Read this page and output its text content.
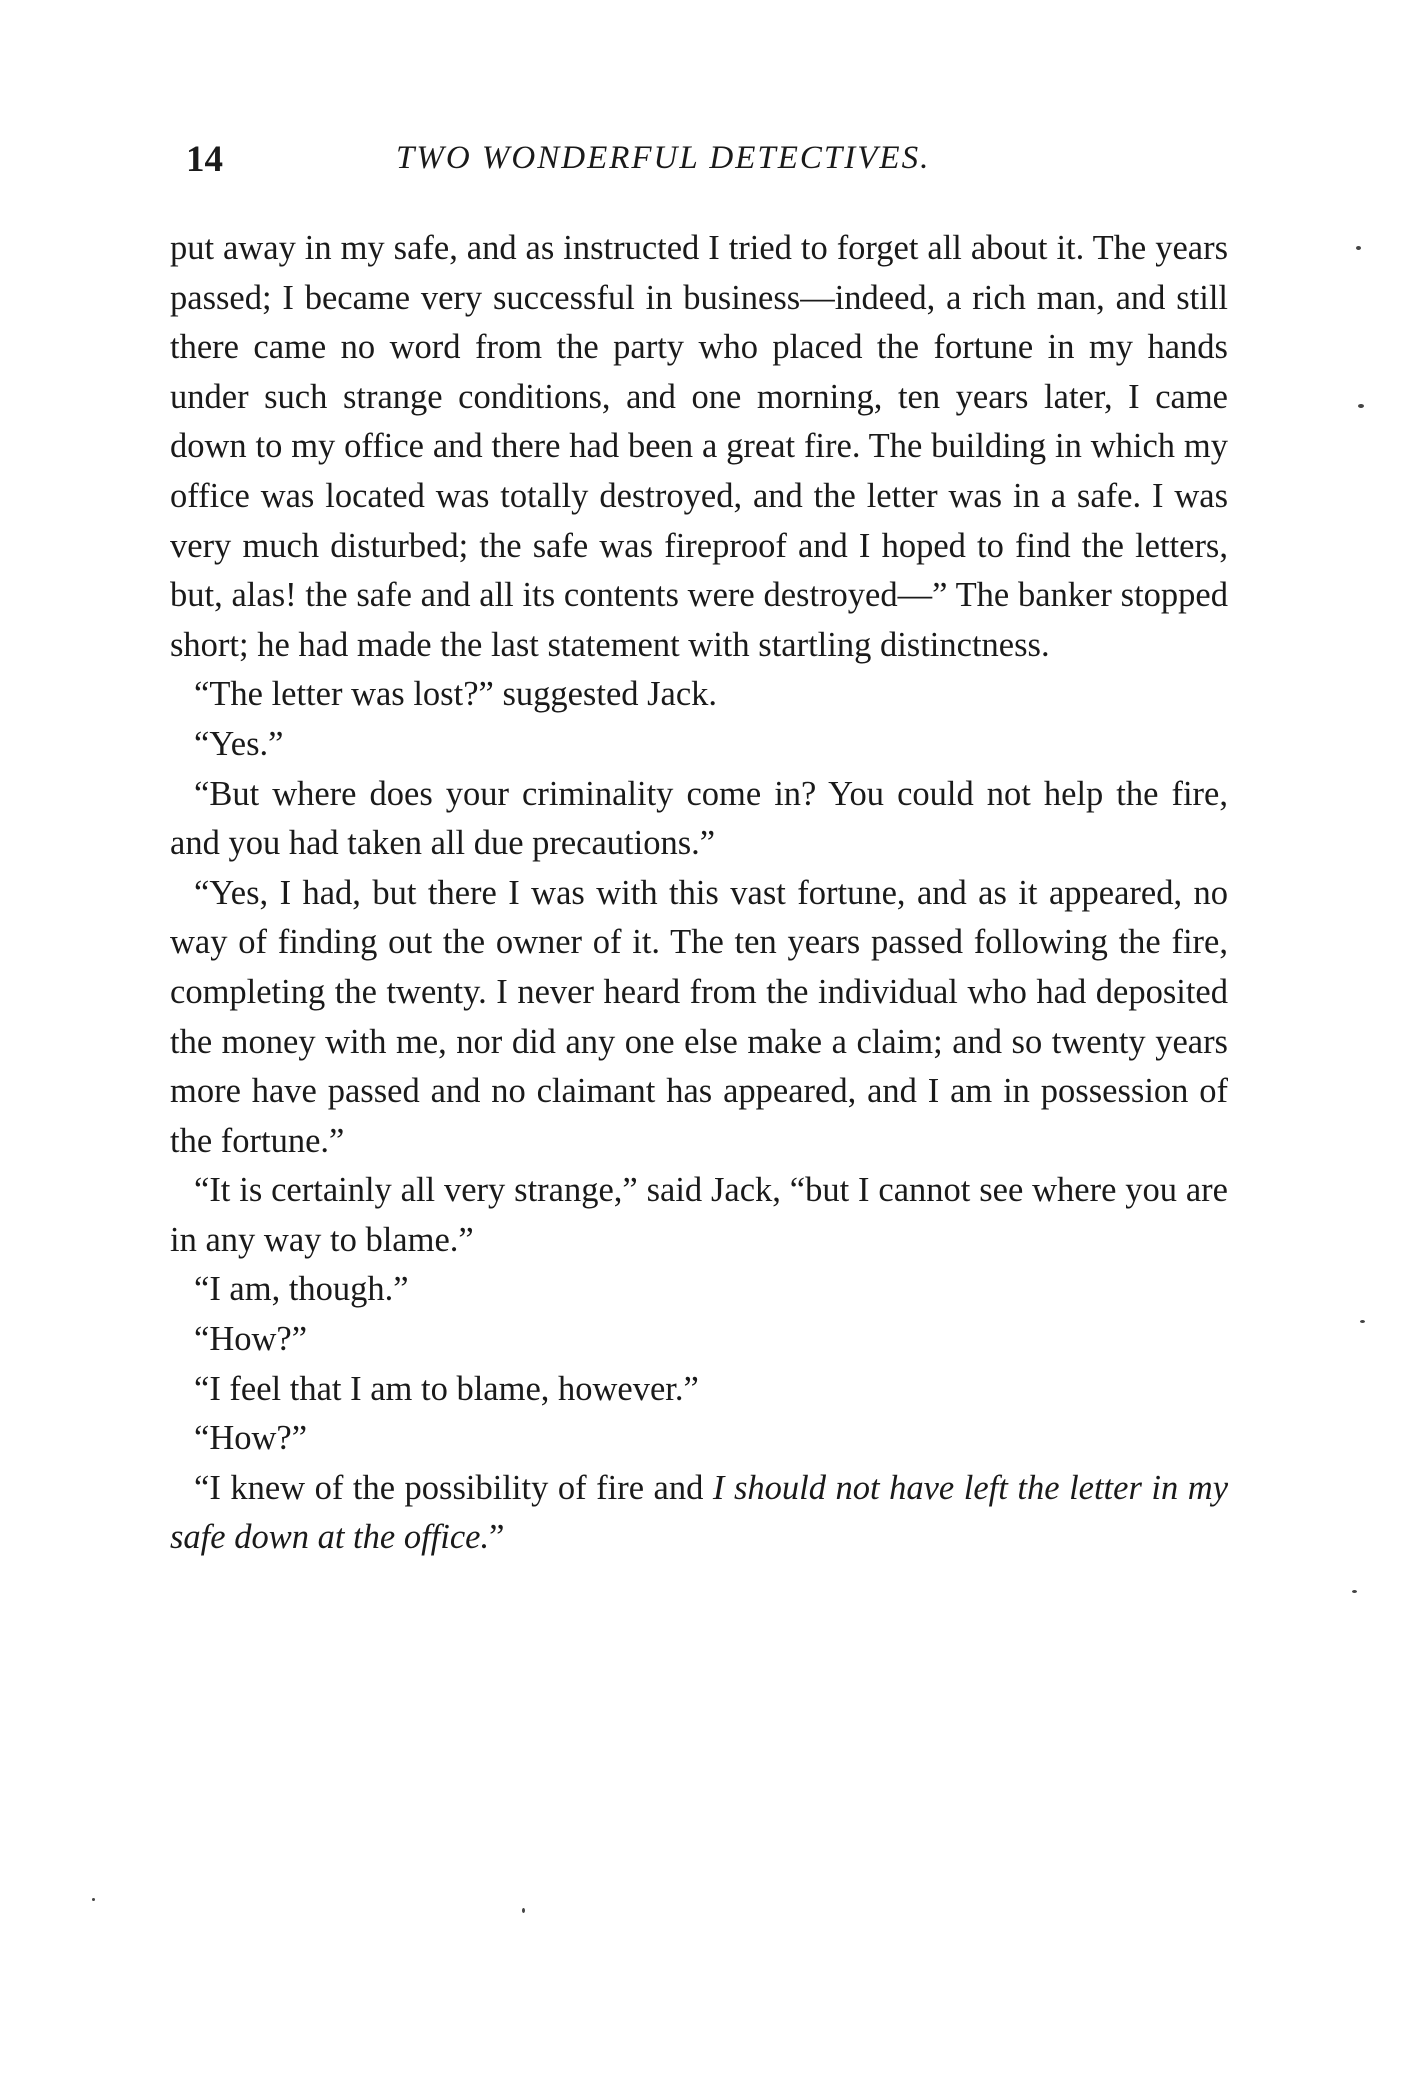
14	TWO WONDERFUL DETECTIVES.

put away in my safe, and as instructed I tried to forget all about it. The years passed; I became very successful in business—indeed, a rich man, and still there came no word from the party who placed the fortune in my hands under such strange conditions, and one morning, ten years later, I came down to my office and there had been a great fire. The building in which my office was located was totally destroyed, and the letter was in a safe. I was very much disturbed; the safe was fireproof and I hoped to find the letters, but, alas! the safe and all its contents were destroyed—” The banker stopped short; he had made the last statement with startling distinctness.

“The letter was lost?” suggested Jack.

“Yes.”

“But where does your criminality come in? You could not help the fire, and you had taken all due precautions.”

“Yes, I had, but there I was with this vast fortune, and as it appeared, no way of finding out the owner of it. The ten years passed following the fire, completing the twenty. I never heard from the individual who had deposited the money with me, nor did any one else make a claim; and so twenty years more have passed and no claimant has appeared, and I am in possession of the fortune.”

“It is certainly all very strange,” said Jack, “but I cannot see where you are in any way to blame.”

“I am, though.”

“How?”

“I feel that I am to blame, however.”

“How?”

“I knew of the possibility of fire and I should not have left the letter in my safe down at the office.”
